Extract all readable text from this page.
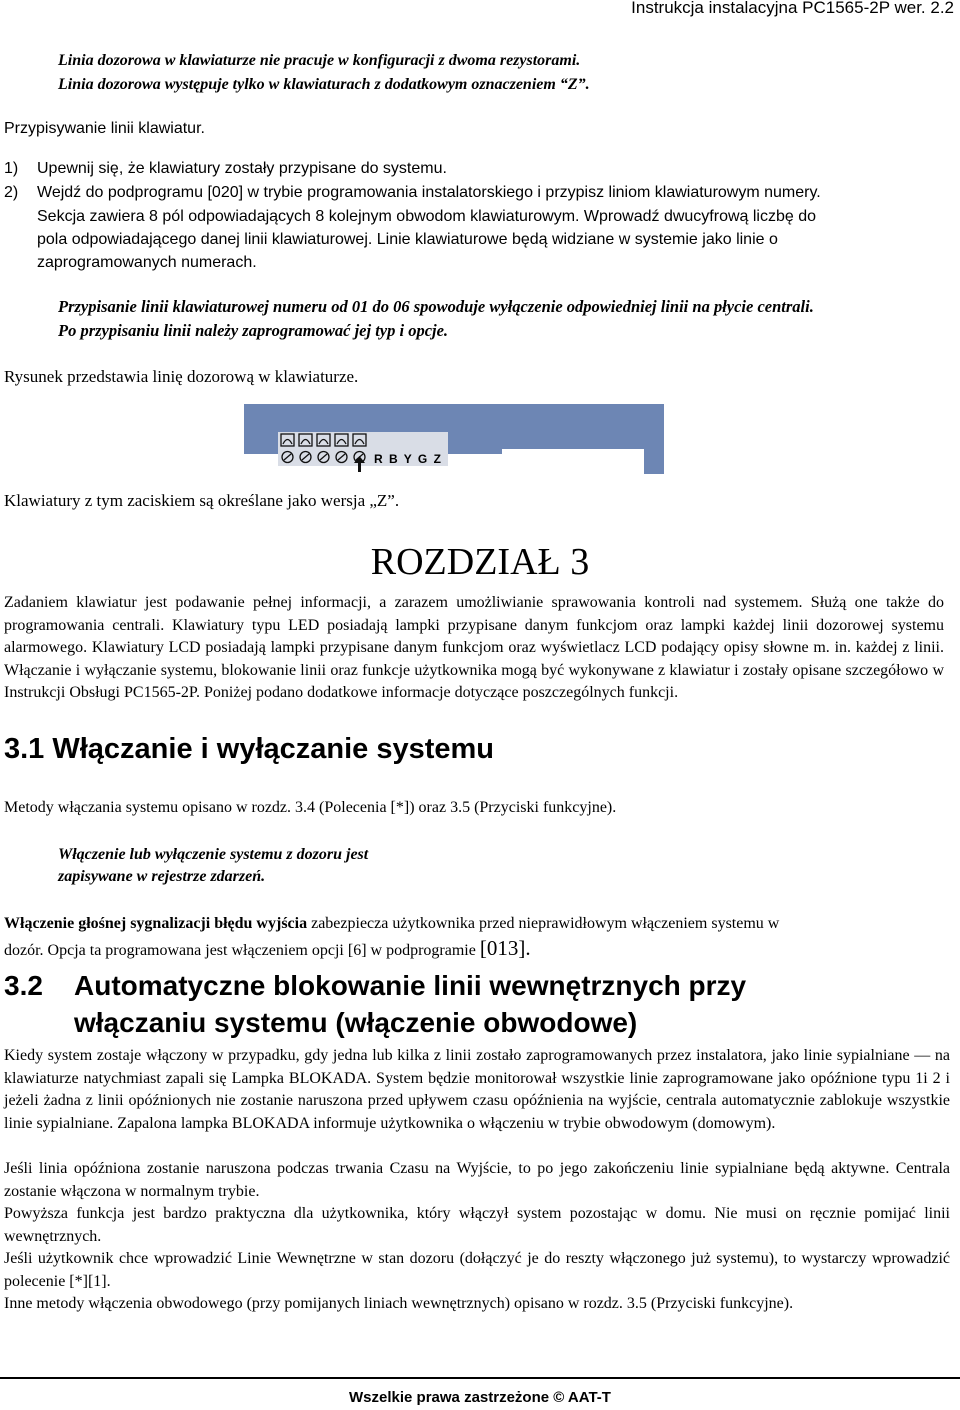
Instrukcja instalacyjna PC1565-2P wer. 2.2
Linia dozorowa w klawiaturze nie pracuje w konfiguracji z dwoma rezystorami.
Linia dozorowa występuje tylko w klawiaturach z dodatkowym oznaczeniem “Z”.
Przypisywanie linii klawiatur.
1) Upewnij się, że klawiatury zostały przypisane do systemu.
2) Wejdź do podprogramu [020] w trybie programowania instalatorskiego i przypisz liniom klawiaturowym numery.
Sekcja zawiera 8 pól odpowiadających 8 kolejnym obwodom klawiaturowym. Wprowadź dwucyfrową liczbę do
pola odpowiadającego danej linii klawiaturowej. Linie klawiaturowe będą widziane w systemie jako linie o
zaprogramowanych numerach.
Przypisanie linii klawiaturowej numeru od 01 do 06 spowoduje wyłączenie odpowiedniej linii na płycie centrali.
Po przypisaniu linii należy zaprogramować jej typ i opcje.
Rysunek przedstawia linię dozorową w klawiaturze.
R B Y G Z
Klawiatury z tym zaciskiem są określane jako wersja „Z”.
ROZDZIAŁ 3
Zadaniem klawiatur jest podawanie pełnej informacji, a zarazem umożliwianie sprawowania kontroli nad systemem. Służą one także do programowania centrali. Klawiatury typu LED posiadają lampki przypisane danym funkcjom oraz lampki każdej linii dozorowej systemu alarmowego. Klawiatury LCD posiadają lampki przypisane danym funkcjom oraz wyświetlacz LCD podający opisy słowne m. in. każdej z linii. Włączanie i wyłączanie systemu, blokowanie linii oraz funkcje użytkownika mogą być wykonywane z klawiatur i zostały opisane szczegółowo w Instrukcji Obsługi PC1565-2P. Poniżej podano dodatkowe informacje dotyczące poszczególnych funkcji.
3.1 Włączanie i wyłączanie systemu
Metody włączania systemu opisano w rozdz. 3.4 (Polecenia [*]) oraz 3.5 (Przyciski funkcyjne).
Włączenie lub wyłączenie systemu z dozoru jest
zapisywane w rejestrze zdarzeń.
Włączenie głośnej sygnalizacji błędu wyjścia zabezpiecza użytkownika przed nieprawidłowym włączeniem systemu w
dozór. Opcja ta programowana jest włączeniem opcji [6] w podprogramie [013].
3.2 Automatyczne blokowanie linii wewnętrznych przy
włączaniu systemu (włączenie obwodowe)
Kiedy system zostaje włączony w przypadku, gdy jedna lub kilka z linii zostało zaprogramowanych przez instalatora, jako linie sypialniane — na klawiaturze natychmiast zapali się Lampka BLOKADA. System będzie monitorował wszystkie linie zaprogramowane jako opóźnione typu 1i 2 i jeżeli żadna z linii opóźnionych nie zostanie naruszona przed upływem czasu opóźnienia na wyjście, centrala automatycznie zablokuje wszystkie linie sypialniane. Zapalona lampka BLOKADA informuje użytkownika o włączeniu w trybie obwodowym (domowym).
Jeśli linia opóźniona zostanie naruszona podczas trwania Czasu na Wyjście, to po jego zakończeniu linie sypialniane będą aktywne. Centrala zostanie włączona w normalnym trybie.
Powyższa funkcja jest bardzo praktyczna dla użytkownika, który włączył system pozostając w domu. Nie musi on ręcznie pomijać linii wewnętrznych.
Jeśli użytkownik chce wprowadzić Linie Wewnętrzne w stan dozoru (dołączyć je do reszty włączonego już systemu), to wystarczy wprowadzić polecenie [*][1].
Inne metody włączenia obwodowego (przy pomijanych liniach wewnętrznych) opisano w rozdz. 3.5 (Przyciski funkcyjne).
Wszelkie prawa zastrzeżone © AAT-T
